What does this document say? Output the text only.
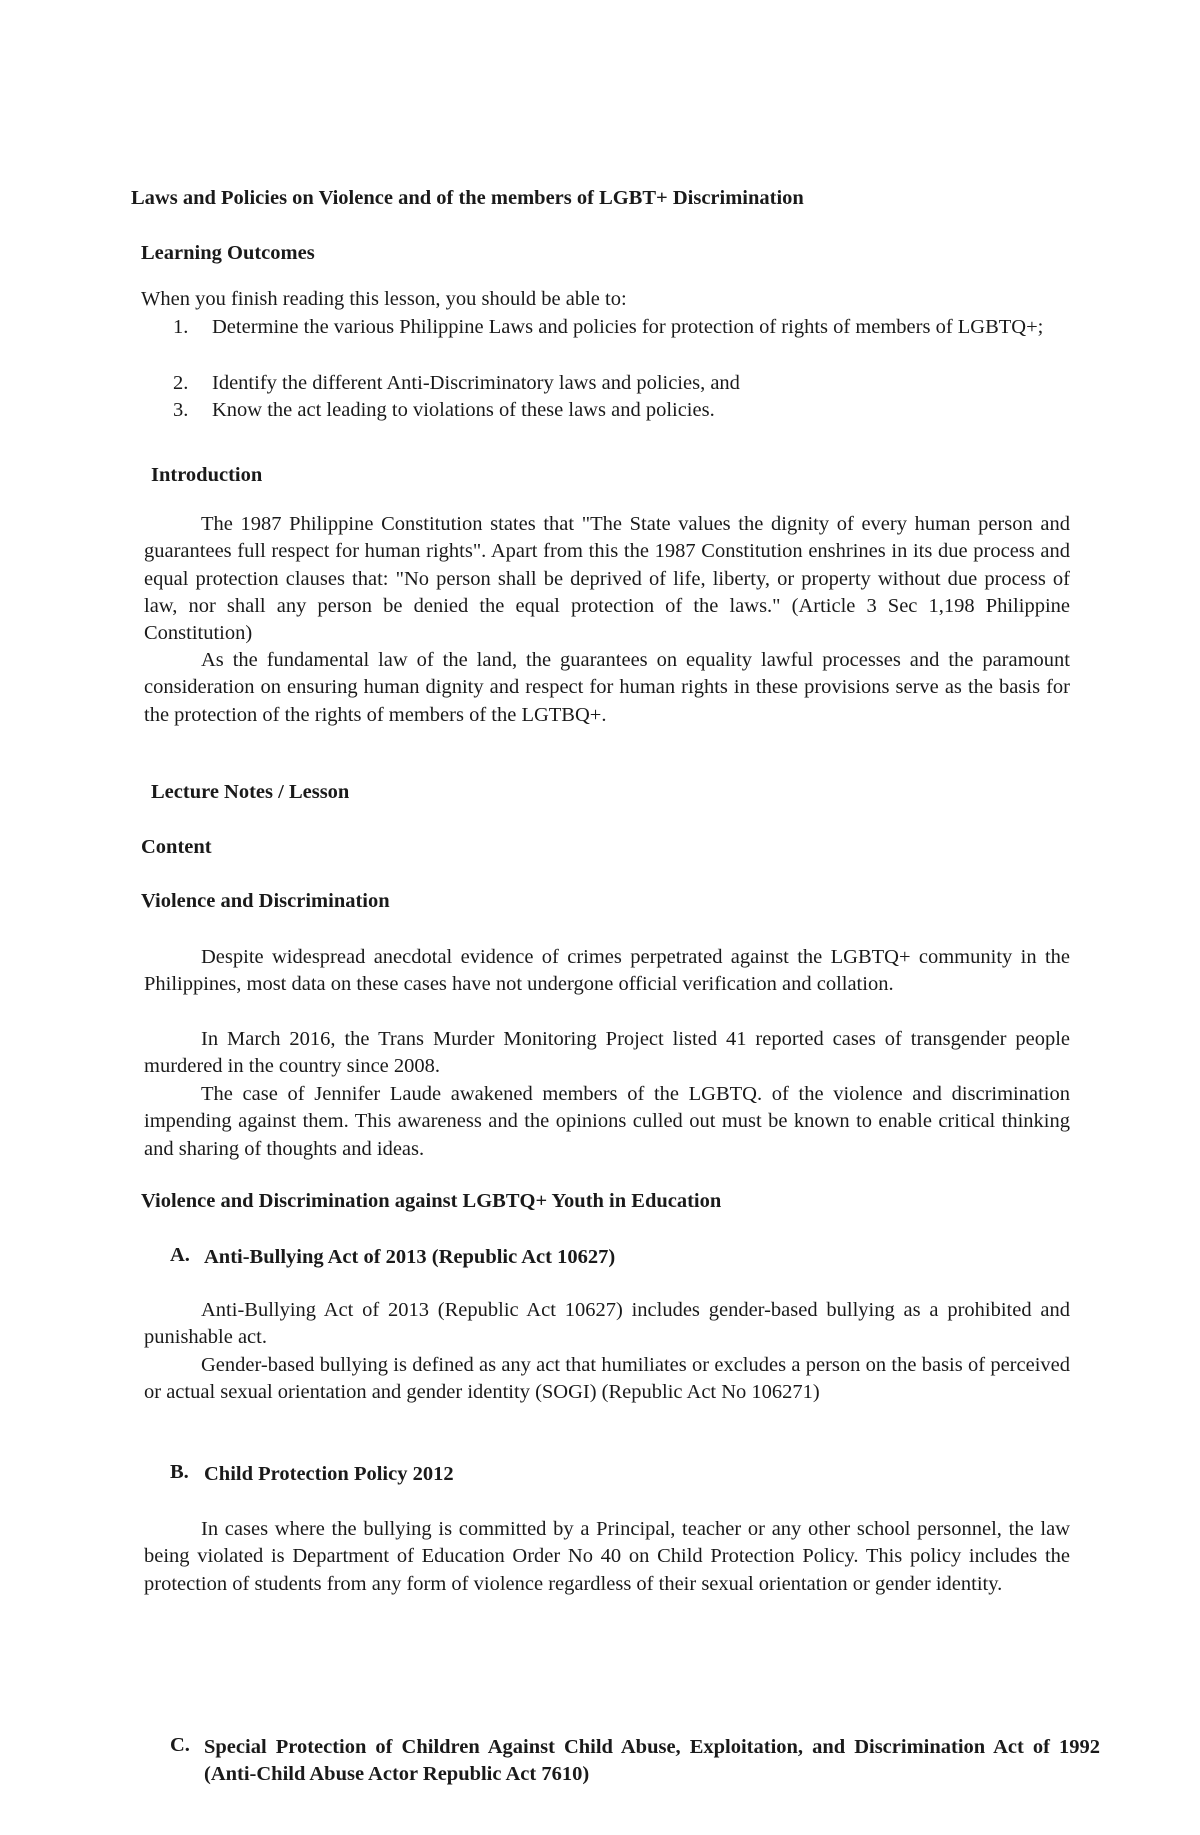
Laws and Policies on Violence and of the members of LGBT+ Discrimination
Learning Outcomes
When you finish reading this lesson, you should be able to:
1. Determine the various Philippine Laws and policies for protection of rights of members of LGBTQ+;
2. Identify the different Anti-Discriminatory laws and policies, and
3. Know the act leading to violations of these laws and policies.
Introduction
The 1987 Philippine Constitution states that "The State values the dignity of every human person and guarantees full respect for human rights". Apart from this the 1987 Constitution enshrines in its due process and equal protection clauses that: "No person shall be deprived of life, liberty, or property without due process of law, nor shall any person be denied the equal protection of the laws." (Article 3 Sec 1,198 Philippine Constitution)
As the fundamental law of the land, the guarantees on equality lawful processes and the paramount consideration on ensuring human dignity and respect for human rights in these provisions serve as the basis for the protection of the rights of members of the LGTBQ+.
Lecture Notes / Lesson
Content
Violence and Discrimination
Despite widespread anecdotal evidence of crimes perpetrated against the LGBTQ+ community in the Philippines, most data on these cases have not undergone official verification and collation.
In March 2016, the Trans Murder Monitoring Project listed 41 reported cases of transgender people murdered in the country since 2008.
The case of Jennifer Laude awakened members of the LGBTQ. of the violence and discrimination impending against them. This awareness and the opinions culled out must be known to enable critical thinking and sharing of thoughts and ideas.
Violence and Discrimination against LGBTQ+ Youth in Education
A. Anti-Bullying Act of 2013 (Republic Act 10627)
Anti-Bullying Act of 2013 (Republic Act 10627) includes gender-based bullying as a prohibited and punishable act.
Gender-based bullying is defined as any act that humiliates or excludes a person on the basis of perceived or actual sexual orientation and gender identity (SOGI) (Republic Act No 106271)
B. Child Protection Policy 2012
In cases where the bullying is committed by a Principal, teacher or any other school personnel, the law being violated is Department of Education Order No 40 on Child Protection Policy. This policy includes the protection of students from any form of violence regardless of their sexual orientation or gender identity.
C. Special Protection of Children Against Child Abuse, Exploitation, and Discrimination Act of 1992 (Anti-Child Abuse Actor Republic Act 7610)
